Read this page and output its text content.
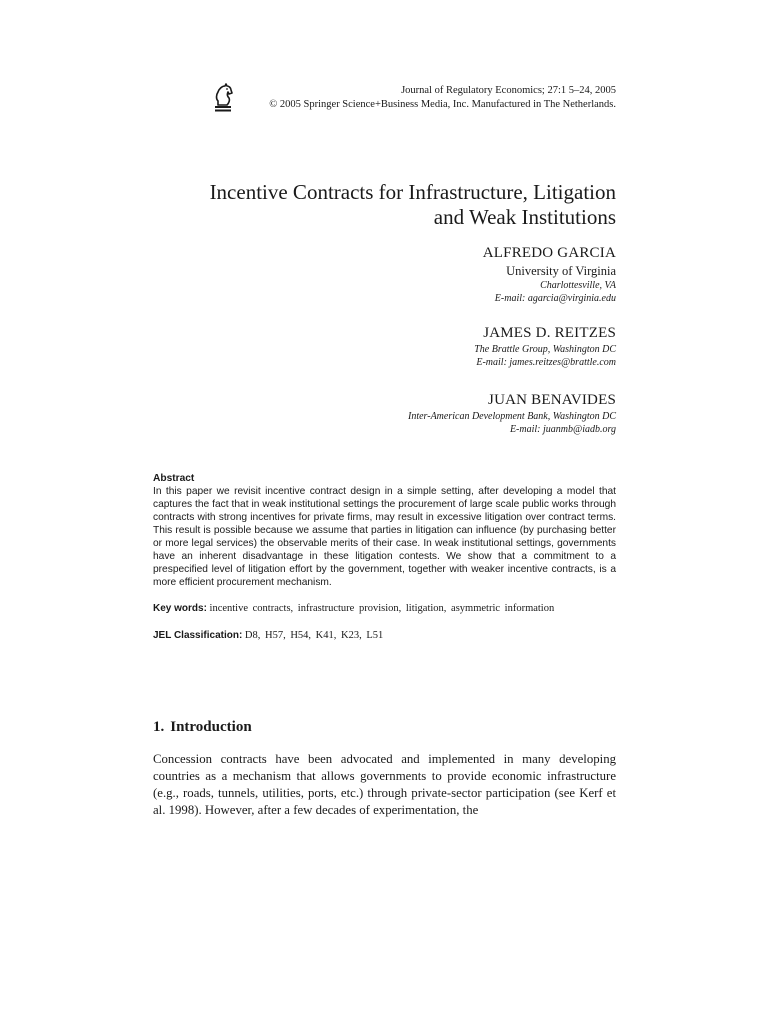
Journal of Regulatory Economics; 27:1 5–24, 2005
© 2005 Springer Science+Business Media, Inc. Manufactured in The Netherlands.
Incentive Contracts for Infrastructure, Litigation
and Weak Institutions
ALFREDO GARCIA
University of Virginia
Charlottesville, VA
E-mail: agarcia@virginia.edu
JAMES D. REITZES
The Brattle Group, Washington DC
E-mail: james.reitzes@brattle.com
JUAN BENAVIDES
Inter-American Development Bank, Washington DC
E-mail: juanmb@iadb.org
Abstract
In this paper we revisit incentive contract design in a simple setting, after developing a model that captures the fact that in weak institutional settings the procurement of large scale public works through contracts with strong incentives for private firms, may result in excessive litigation over contract terms. This result is possible because we assume that parties in litigation can influence (by purchasing better or more legal services) the observable merits of their case. In weak institutional settings, governments have an inherent disadvantage in these litigation contests. We show that a commitment to a prespecified level of litigation effort by the government, together with weaker incentive contracts, is a more efficient procurement mechanism.
Key words: incentive contracts, infrastructure provision, litigation, asymmetric information
JEL Classification: D8, H57, H54, K41, K23, L51
1. Introduction

Concession contracts have been advocated and implemented in many developing countries as a mechanism that allows governments to provide economic infrastructure (e.g., roads, tunnels, utilities, ports, etc.) through private-sector participation (see Kerf et al. 1998). However, after a few decades of experimentation, the
